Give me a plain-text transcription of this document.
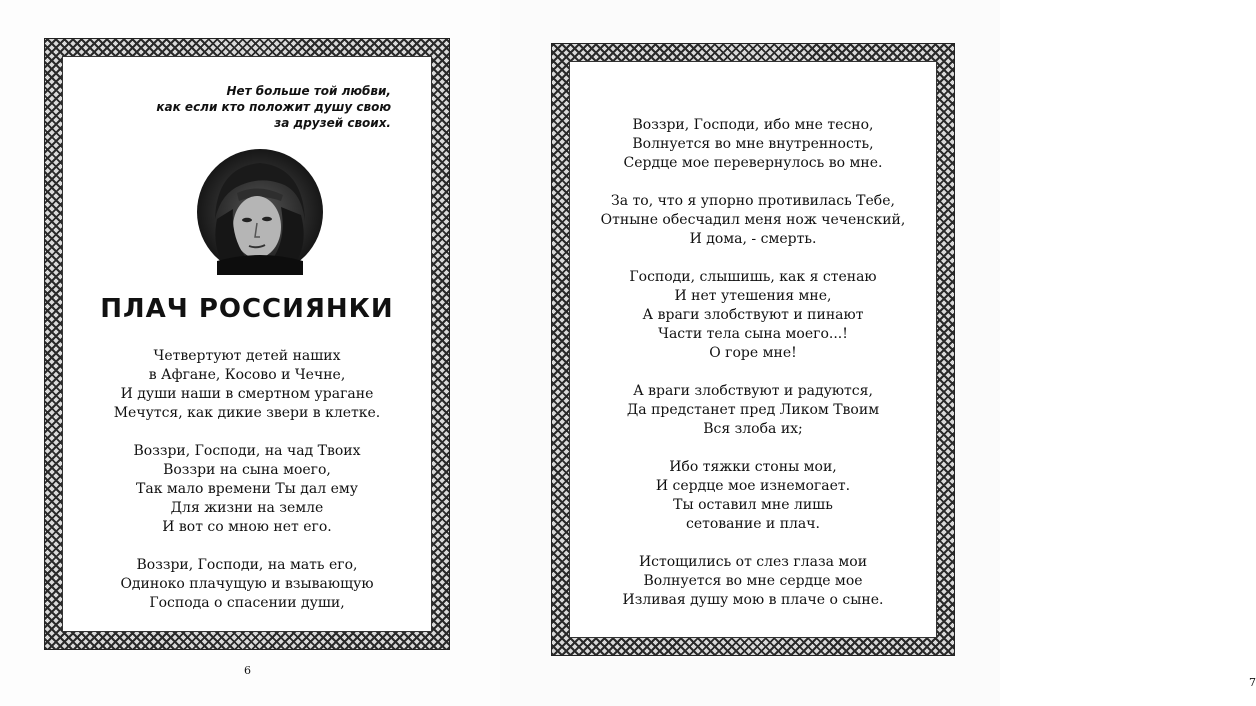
Нет больше той любви,
как если кто положит душу свою
за друзей своих.
ПЛАЧ РОССИЯНКИ
Четвертуют детей наших
в Афгане, Косово и Чечне,
И души наши в смертном урагане
Мечутся, как дикие звери в клетке.
Воззри, Господи, на чад Твоих
Воззри на сына моего,
Так мало времени Ты дал ему
Для жизни на земле
И вот со мною нет его.
Воззри, Господи, на мать его,
Одиноко плачущую и взывающую
Господа о спасении души,
6
Воззри, Господи, ибо мне тесно,
Волнуется во мне внутренность,
Сердце мое перевернулось во мне.
За то, что я упорно противилась Тебе,
Отныне обесчадил меня нож чеченский,
И дома, - смерть.
Господи, слышишь, как я стенаю
И нет утешения мне,
А враги злобствуют и пинают
Части тела сына моего...!
О горе мне!
А враги злобствуют и радуются,
Да предстанет пред Ликом Твоим
Вся злоба их;
Ибо тяжки стоны мои,
И сердце мое изнемогает.
Ты оставил мне лишь
сетование и плач.
Истощились от слез глаза мои
Волнуется во мне сердце мое
Изливая душу мою в плаче о сыне.
7
